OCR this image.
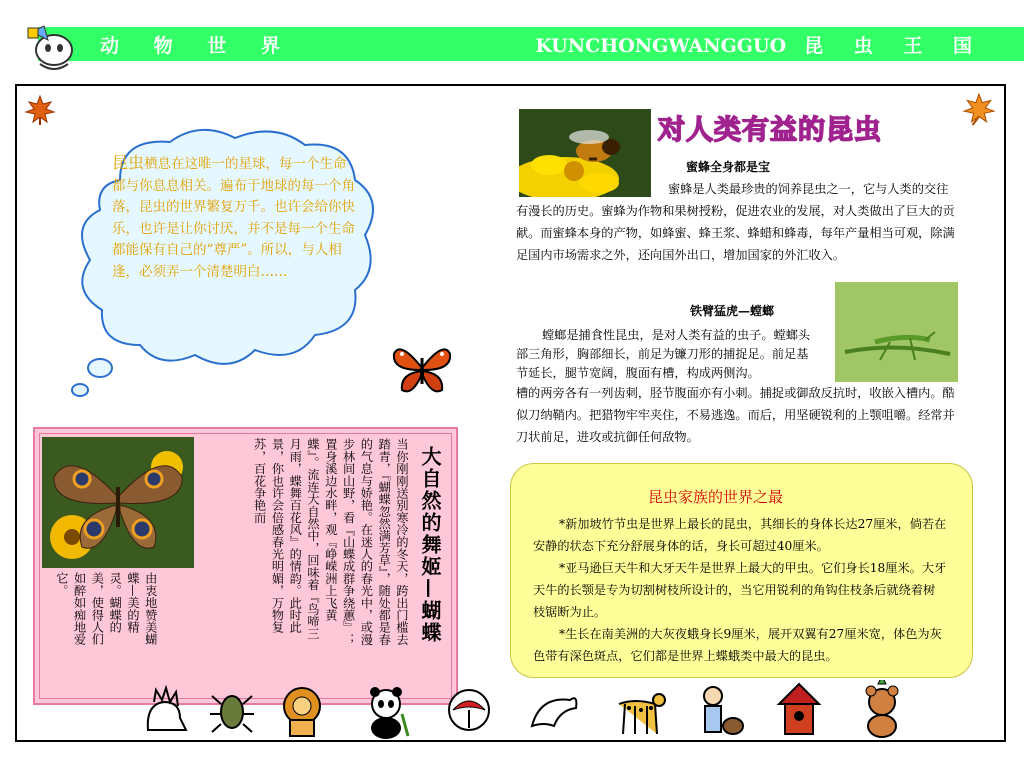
动 物 世 界	KUNCHONGWANGGUO 昆 虫 王 国
昆虫栖息在这唯一的星球，每一个生命都与你息息相关。遍布于地球的每一个角落，昆虫的世界繁复万千。也许会给你快乐，也许是让你讨厌，并不是每一个生命都能保有自己的“尊严”。所以，与人相逢，必须弄一个清楚明白……
对人类有益的昆虫
蜜蜂全身都是宝
蜜蜂是人类最珍贵的饲养昆虫之一，它与人类的交往有漫长的历史。蜜蜂为作物和果树授粉，促进农业的发展，对人类做出了巨大的贡献。而蜜蜂本身的产物，如蜂蜜、蜂王浆、蜂蜡和蜂毒，每年产量相当可观，除满足国内市场需求之外，还向国外出口，增加国家的外汇收入。
铁臂猛虎—螳螂
螳螂是捕食性昆虫，是对人类有益的虫子。螳螂头部三角形，胸部细长，前足为镰刀形的捕捉足。前足基节延长，腿节宽阔，腹面有槽，构成两侧沟。
槽的两旁各有一列齿刺，胫节腹面亦有小刺。捕捉或御敌反抗时，收嵌入槽内。酷似刀纳鞘内。把猎物牢牢夹住，不易逃逸。而后，用坚硬锐利的上颚咀嚼。经常并刀状前足，进攻或抗御任何敌物。
大自然的舞姬—蝴蝶
当你刚刚送别寒冷的冬天，跨出门槛去踏青，『蝴蝶忽然满芳草』，随处都是春的气息与娇艳。在迷人的春光中，或漫步林间山野，看『山蝶成群争绕蕙』；置身溪边水畔，观『峥嵘洲上飞黄蝶』。流连大自然中，回味着『鸟啼三月雨，蝶舞百花风』的情韵。此时此景，你也许会倍感春光明媚，万物复苏，百花争艳而
由衷地赞美蝴蝶—美的精灵。蝴蝶的美，使得人们如醉如痴地爱它。
昆虫家族的世界之最
*新加坡竹节虫是世界上最长的昆虫，其细长的身体长达27厘米，倘若在安静的状态下充分舒展身体的话，身长可超过40厘米。
*亚马逊巨天牛和大牙天牛是世界上最大的甲虫。它们身长18厘米。大牙天牛的长颚是专为切割树枝所设计的，当它用锐利的角钩住枝条后就绕着树枝锯断为止。
*生长在南美洲的大灰夜蛾身长9厘米，展开双翼有27厘米宽，体色为灰色带有深色斑点，它们都是世界上蝶蛾类中最大的昆虫。
